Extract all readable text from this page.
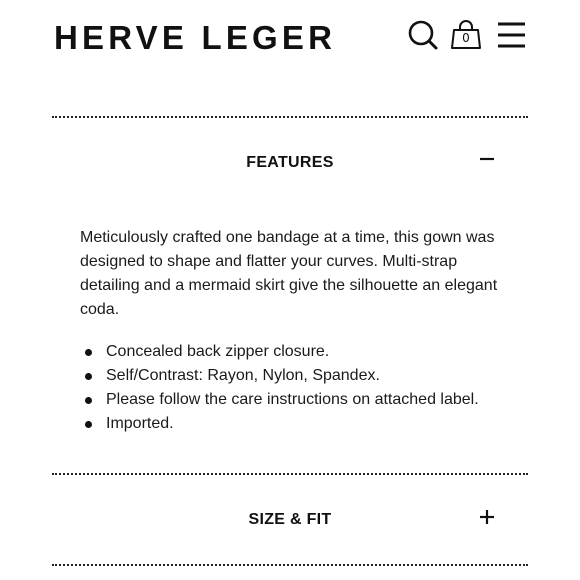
HERVE LEGER	0
FEATURES

Meticulously crafted one bandage at a time, this gown was designed to shape and flatter your curves. Multi-strap detailing and a mermaid skirt give the silhouette an elegant coda.

Concealed back zipper closure.
Self/Contrast: Rayon, Nylon, Spandex.
Please follow the care instructions on attached label.
Imported.
SIZE & FIT
